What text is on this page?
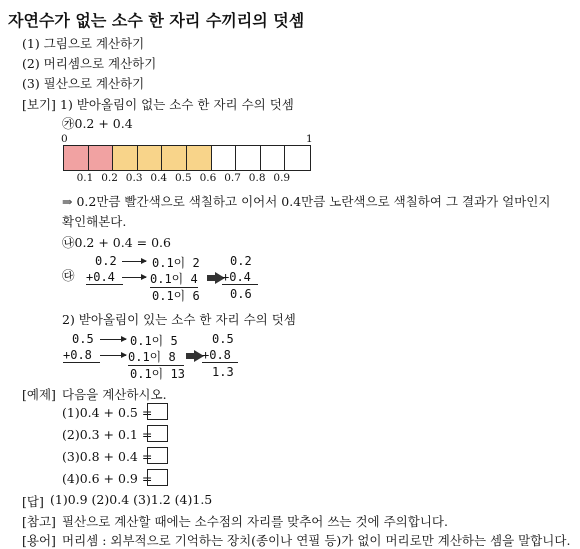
자연수가 없는 소수 한 자리 수끼리의 덧셈
(1) 그림으로 계산하기
(2) 머리셈으로 계산하기
(3) 필산으로 계산하기
[보기] 1) 받아올림이 없는 소수 한 자리 수의 덧셈
㉮0.2 + 0.4
0	1
0.1 0.2 0.3 0.4 0.5 0.6 0.7 0.8 0.9
⇒ 0.2만큼 빨간색으로 색칠하고 이어서 0.4만큼 노란색으로 색칠하여 그 결과가 얼마인지
확인해본다.
㉯0.2 + 0.4 = 0.6
㉰
0.2
+0.4
0.1이 2
0.1이 4
0.1이 6
0.2
+0.4
0.6
2) 받아올림이 있는 소수 한 자리 수의 덧셈
0.5
+0.8
0.1이 5
0.1이 8
0.1이 13
0.5
+0.8
1.3
[예제] 다음을 계산하시오.
(1)0.4 + 0.5 =
(2)0.3 + 0.1 =
(3)0.8 + 0.4 =
(4)0.6 + 0.9 =
[답] (1)0.9 (2)0.4 (3)1.2 (4)1.5
[참고] 필산으로 계산할 때에는 소수점의 자리를 맞추어 쓰는 것에 주의합니다.
[용어] 머리셈 : 외부적으로 기억하는 장치(종이나 연필 등)가 없이 머리로만 계산하는 셈을 말합니다.
